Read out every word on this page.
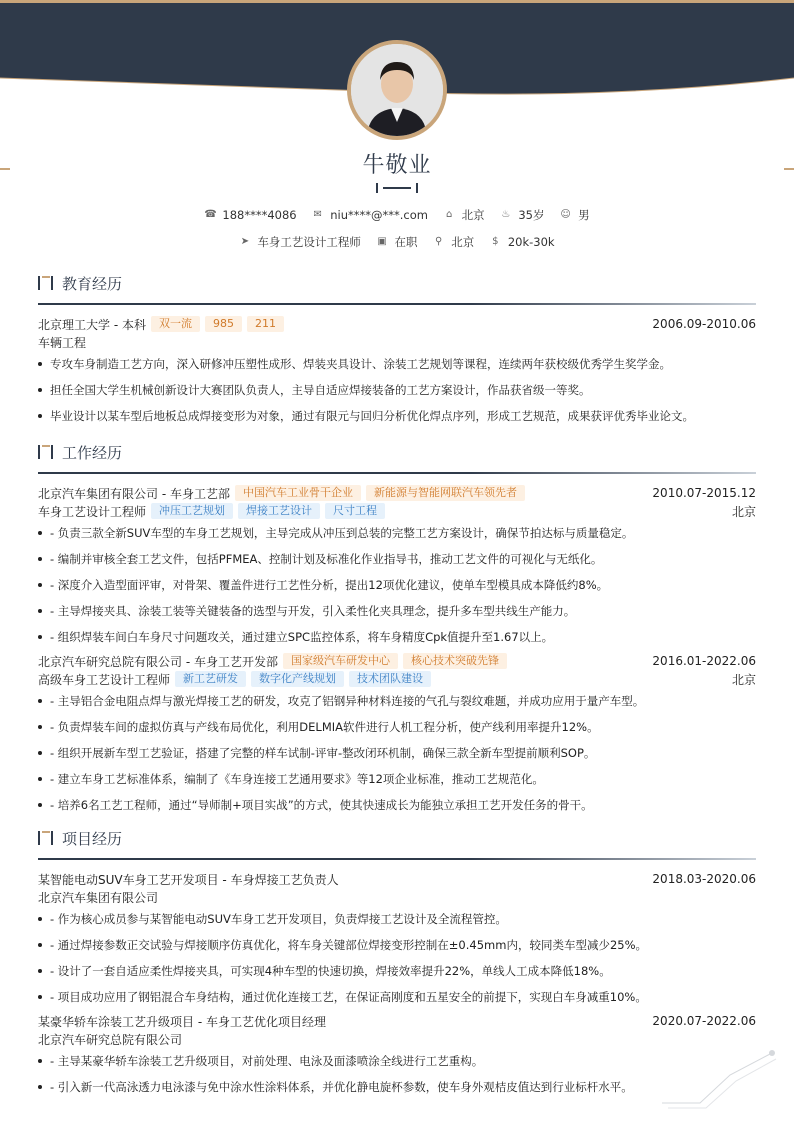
牛敬业
☎ 188****4086
✉ niu****@***.com
⌂ 北京
♨ 35岁
☺ 男
➤ 车身工艺设计工程师
▣ 在职
⚲ 北京
$ 20k-30k
教育经历
北京理工大学 - 本科	双一流	985	211	2006.09-2010.06
车辆工程
专攻车身制造工艺方向，深入研修冲压塑性成形、焊装夹具设计、涂装工艺规划等课程，连续两年获校级优秀学生奖学金。
担任全国大学生机械创新设计大赛团队负责人，主导自适应焊接装备的工艺方案设计，作品获省级一等奖。
毕业设计以某车型后地板总成焊接变形为对象，通过有限元与回归分析优化焊点序列，形成工艺规范，成果获评优秀毕业论文。
工作经历
北京汽车集团有限公司 - 车身工艺部	中国汽车工业骨干企业	新能源与智能网联汽车领先者	2010.07-2015.12
车身工艺设计工程师	冲压工艺规划	焊接工艺设计	尺寸工程	北京
- 负责三款全新SUV车型的车身工艺规划，主导完成从冲压到总装的完整工艺方案设计，确保节拍达标与质量稳定。
- 编制并审核全套工艺文件，包括PFMEA、控制计划及标准化作业指导书，推动工艺文件的可视化与无纸化。
- 深度介入造型面评审，对骨架、覆盖件进行工艺性分析，提出12项优化建议，使单车型模具成本降低约8%。
- 主导焊接夹具、涂装工装等关键装备的选型与开发，引入柔性化夹具理念，提升多车型共线生产能力。
- 组织焊装车间白车身尺寸问题攻关，通过建立SPC监控体系，将车身精度Cpk值提升至1.67以上。
北京汽车研究总院有限公司 - 车身工艺开发部	国家级汽车研发中心	核心技术突破先锋	2016.01-2022.06
高级车身工艺设计工程师	新工艺研发	数字化产线规划	技术团队建设	北京
- 主导铝合金电阻点焊与激光焊接工艺的研发，攻克了铝钢异种材料连接的气孔与裂纹难题，并成功应用于量产车型。
- 负责焊装车间的虚拟仿真与产线布局优化，利用DELMIA软件进行人机工程分析，使产线利用率提升12%。
- 组织开展新车型工艺验证，搭建了完整的样车试制-评审-整改闭环机制，确保三款全新车型提前顺利SOP。
- 建立车身工艺标准体系，编制了《车身连接工艺通用要求》等12项企业标准，推动工艺规范化。
- 培养6名工艺工程师，通过“导师制+项目实战”的方式，使其快速成长为能独立承担工艺开发任务的骨干。
项目经历
某智能电动SUV车身工艺开发项目 - 车身焊接工艺负责人	2018.03-2020.06
北京汽车集团有限公司
- 作为核心成员参与某智能电动SUV车身工艺开发项目，负责焊接工艺设计及全流程管控。
- 通过焊接参数正交试验与焊接顺序仿真优化，将车身关键部位焊接变形控制在±0.45mm内，较同类车型减少25%。
- 设计了一套自适应柔性焊接夹具，可实现4种车型的快速切换，焊接效率提升22%，单线人工成本降低18%。
- 项目成功应用了钢铝混合车身结构，通过优化连接工艺，在保证高刚度和五星安全的前提下，实现白车身减重10%。
某豪华轿车涂装工艺升级项目 - 车身工艺优化项目经理	2020.07-2022.06
北京汽车研究总院有限公司
- 主导某豪华轿车涂装工艺升级项目，对前处理、电泳及面漆喷涂全线进行工艺重构。
- 引入新一代高泳透力电泳漆与免中涂水性涂料体系，并优化静电旋杯参数，使车身外观桔皮值达到行业标杆水平。
